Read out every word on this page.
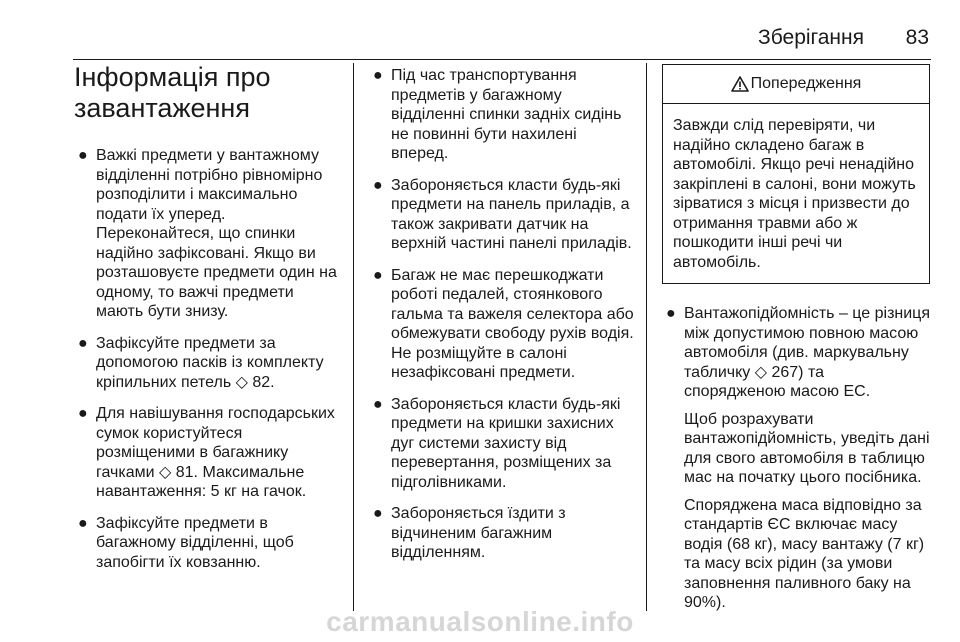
Зберігання 83
Інформація про завантаження
● Важкі предмети у вантажному відділенні потрібно рівномірно розподілити і максимально подати їх уперед. Переконайтеся, що спинки надійно зафіксовані. Якщо ви розташовуєте предмети один на одному, то важчі предмети мають бути знизу.

● Зафіксуйте предмети за допомогою пасків із комплекту кріпильних петель ◇ 82.

● Для навішування господарських сумок користуйтеся розміщеними в багажнику гачками ◇ 81. Максимальне навантаження: 5 кг на гачок.

● Зафіксуйте предмети в багажному відділенні, щоб запобігти їх ковзанню.

● Під час транспортування предметів у багажному відділенні спинки задніх сидінь не повинні бути нахилені вперед.

● Забороняється класти будь-які предмети на панель приладів, а також закривати датчик на верхній частині панелі приладів.

● Багаж не має перешкоджати роботі педалей, стоянкового гальма та важеля селектора або обмежувати свободу рухів водія. Не розміщуйте в салоні незафіксовані предмети.

● Забороняється класти будь-які предмети на кришки захисних дуг системи захисту від перевертання, розміщених за підголівниками.

● Забороняється їздити з відчиненим багажним відділенням.

Попередження
Завжди слід перевіряти, чи надійно складено багаж в автомобілі. Якщо речі ненадійно закріплені в салоні, вони можуть зірватися з місця і призвести до отримання травми або ж пошкодити інші речі чи автомобіль.
● Вантажопідйомність – це різниця між допустимою повною масою автомобіля (див. маркувальну табличку ◇ 267) та спорядженою масою ЕС.

Щоб розрахувати вантажопідйомність, уведіть дані для свого автомобіля в таблицю мас на початку цього посібника.

Споряджена маса відповідно за стандартів ЄС включає масу водія (68 кг), масу вантажу (7 кг) та масу всіх рідин (за умови заповнення паливного баку на 90%).

carmanualsonline.info
